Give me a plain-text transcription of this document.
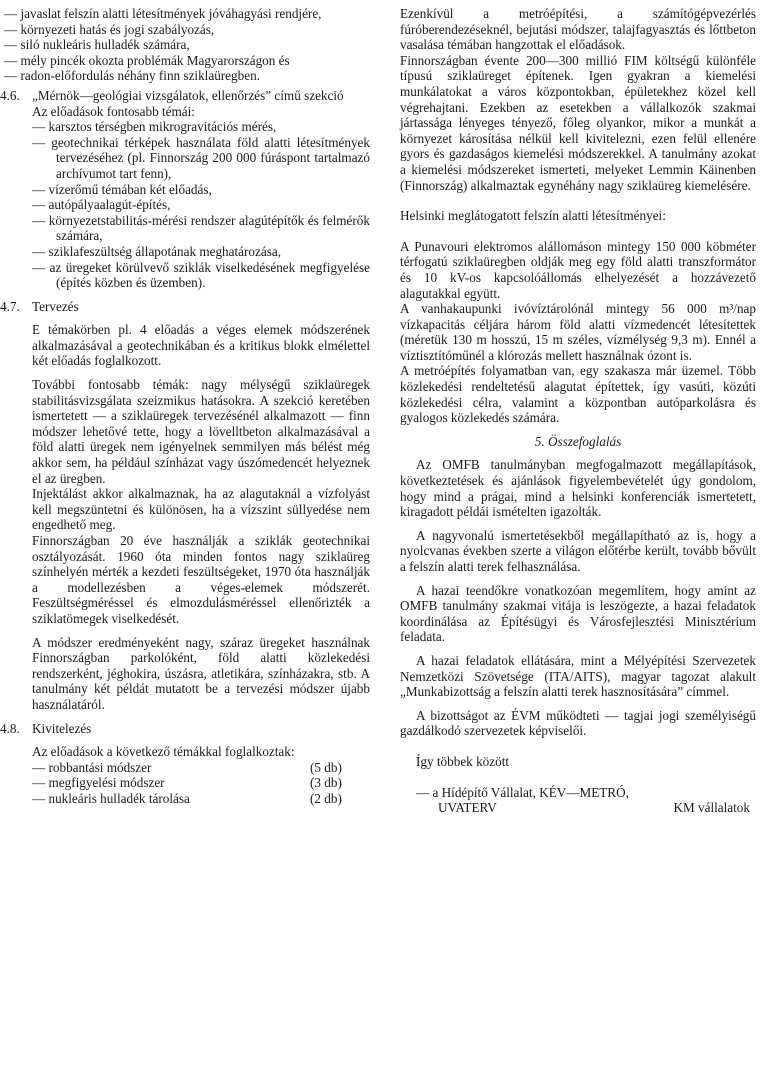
— javaslat felszín alatti létesítmények jóváhagyási rendjére,

— környezeti hatás és jogi szabályozás,

— siló nukleáris hulladék számára,

— mély pincék okozta problémák Magyarországon és

— radon-előfordulás néhány finn sziklaüregben.

4.6. „Mérnök—geológiai vizsgálatok, ellenőrzés” című szekció

Az előadások fontosabb témái:

— karsztos térségben mikrogravitációs mérés,

— geotechnikai térképek használata föld alatti létesítmények tervezéséhez (pl. Finnország 200 000 fúráspont tartalmazó archívumot tart fenn),

— vízerőmű témában két előadás,

— autópályaalagút-építés,

— környezetstabilitás-mérési rendszer alagútépítők és felmérők számára,

— sziklafeszültség állapotának meghatározása,

— az üregeket körülvevő sziklák viselkedésének megfigyelése (építés közben és üzemben).

4.7. Tervezés

E témakörben pl. 4 előadás a véges elemek módszerének alkalmazásával a geotechnikában és a kritikus blokk elmélettel két előadás foglalkozott.

További fontosabb témák: nagy mélységű sziklaüregek stabilitásvizsgálata szeizmikus hatásokra. A szekció keretében ismertetett — a sziklaüregek tervezésénél alkalmazott — finn módszer lehetővé tette, hogy a lövelltbeton alkalmazásával a föld alatti üregek nem igényelnek semmilyen más bélést még akkor sem, ha például színházat vagy úszómedencét helyeznek el az üregben.

Injektálást akkor alkalmaznak, ha az alagutaknál a vízfolyást kell megszüntetni és különösen, ha a vízszint süllyedése nem engedhető meg.

Finnországban 20 éve használják a sziklák geotechnikai osztályozását. 1960 óta minden fontos nagy sziklaüreg színhelyén mérték a kezdeti feszültségeket, 1970 óta használják a modellezésben a véges-elemek módszerét. Feszültségméréssel és elmozdulásméréssel ellenőrizték a sziklatömegek viselkedését.

A módszer eredményeként nagy, száraz üregeket használnak Finnországban parkolóként, föld alatti közlekedési rendszerként, jéghokira, úszásra, atletikára, színházakra, stb. A tanulmány két példát mutatott be a tervezési módszer újabb használatáról.

4.8. Kivitelezés

Az előadások a következő témákkal foglalkoztak:

— robbantási módszer	(5 db)
— megfigyelési módszer	(3 db)
— nukleáris hulladék tárolása	(2 db)

Ezenkívül a metróépítési, a számítógépvezérlés fúróberendezéseknél, bejutási módszer, talajfagyasztás és lőttbeton vasalása témában hangzottak el előadások.

Finnországban évente 200—300 millió FIM költségű különféle típusú sziklaüreget építenek. Igen gyakran a kiemelési munkálatokat a város központokban, épületekhez közel kell végrehajtani. Ezekben az esetekben a vállalkozók szakmai jártassága lényeges tényező, főleg olyankor, mikor a munkát a környezet károsítása nélkül kell kivitelezni, ezen felül ellenére gyors és gazdaságos kiemelési módszerekkel. A tanulmány azokat a kiemelési módszereket ismerteti, melyeket Lemmin Käinenben (Finnország) alkalmaztak egynéhány nagy sziklaüreg kiemelésére.

Helsinki meglátogatott felszín alatti létesítményei:

A Punavouri elektromos alállomáson mintegy 150 000 köbméter térfogatú sziklaüregben oldják meg egy föld alatti transzformátor és 10 kV-os kapcsolóállomás elhelyezését a hozzávezető alagutakkal együtt.

A vanhakaupunki ivóvíztárolónál mintegy 56 000 m³/nap vízkapacitás céljára három föld alatti vízmedencét létesítettek (méretük 130 m hosszú, 15 m széles, vízmélység 9,3 m). Ennél a víztisztítóműnél a klórozás mellett használnak ózont is.

A metróépítés folyamatban van, egy szakasza már üzemel. Több közlekedési rendeltetésű alagutat építettek, így vasúti, közúti közlekedési célra, valamint a központban autóparkolásra és gyalogos közlekedés számára.

5. Összefoglalás

Az OMFB tanulmányban megfogalmazott megállapítások, következtetések és ajánlások figyelembevételét úgy gondolom, hogy mind a prágai, mind a helsinki konferenciák ismertetett, kiragadott példái ismételten igazolták.

A nagyvonalú ismertetésekből megállapítható az is, hogy a nyolcvanas években szerte a világon előtérbe került, tovább bővült a felszín alatti terek felhasználása.

A hazai teendőkre vonatkozóan megemlítem, hogy amint az OMFB tanulmány szakmai vitája is leszögezte, a hazai feladatok koordinálása az Építésügyi és Városfejlesztési Minisztérium feladata.

A hazai feladatok ellátására, mint a Mélyépítési Szervezetek Nemzetközi Szövetsége (ITA/AITS), magyar tagozat alakult „Munkabizottság a felszín alatti terek hasznosítására” címmel.

A bizottságot az ÉVM működteti — tagjai jogi személyiségű gazdálkodó szervezetek képviselői.

Így többek között

— a Hídépítő Vállalat, KÉV—METRÓ,

UVATERV	KM vállalatok
